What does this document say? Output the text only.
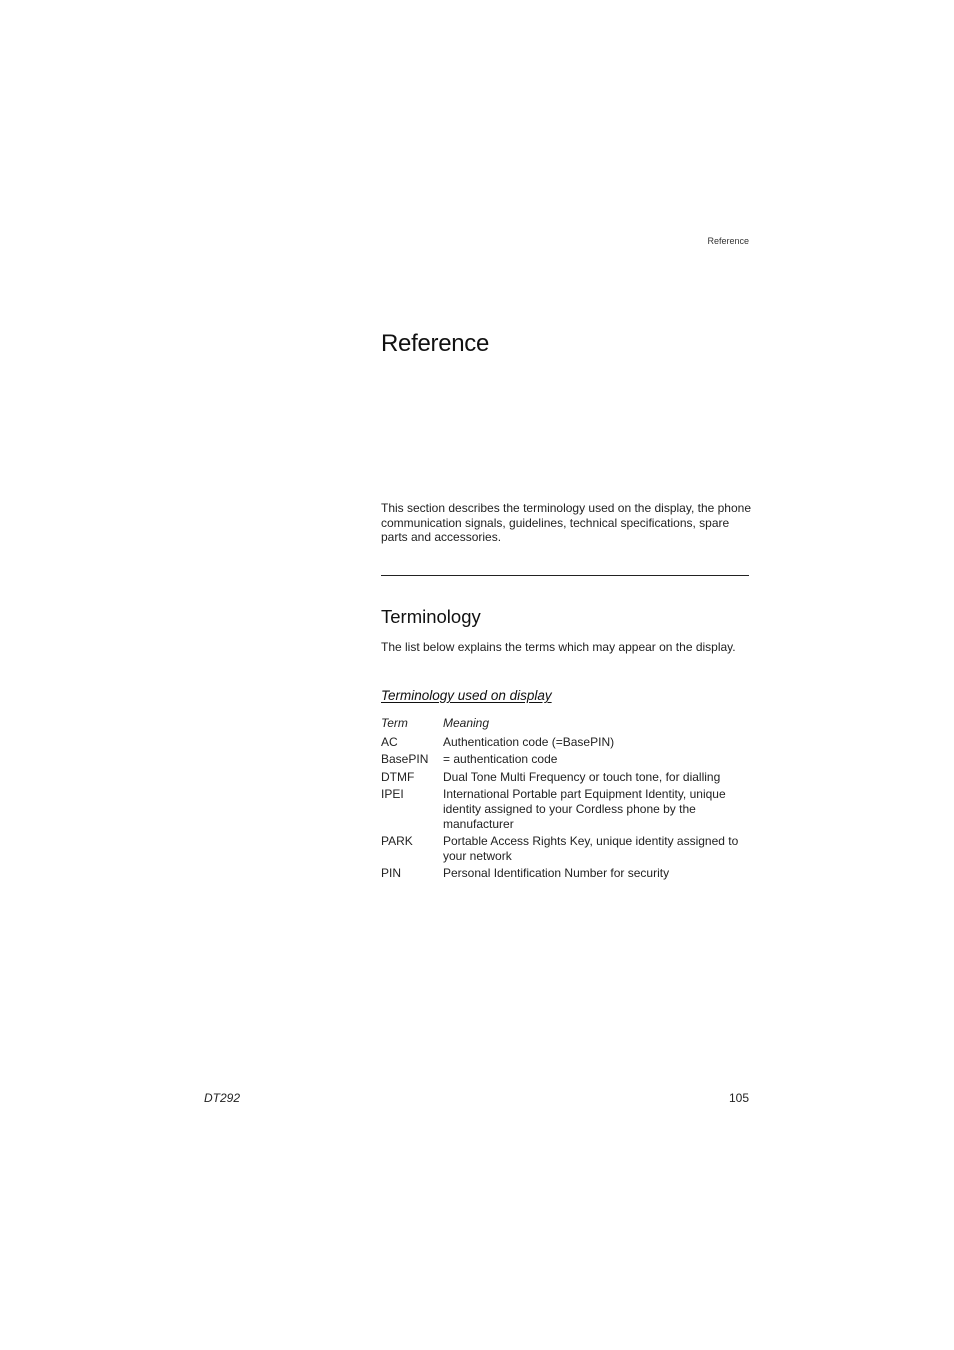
Reference
Reference

This section describes the terminology used on the display, the phone communication signals, guidelines, technical specifications, spare parts and accessories.

Terminology

The list below explains the terms which may appear on the display.

Terminology used on display
Term	Meaning
AC	Authentication code (=BasePIN)
BasePIN	= authentication code
DTMF	Dual Tone Multi Frequency or touch tone, for dialling
IPEI	International Portable part Equipment Identity, unique identity assigned to your Cordless phone by the manufacturer
PARK	Portable Access Rights Key, unique identity assigned to your network
PIN	Personal Identification Number for security
DT292	105
